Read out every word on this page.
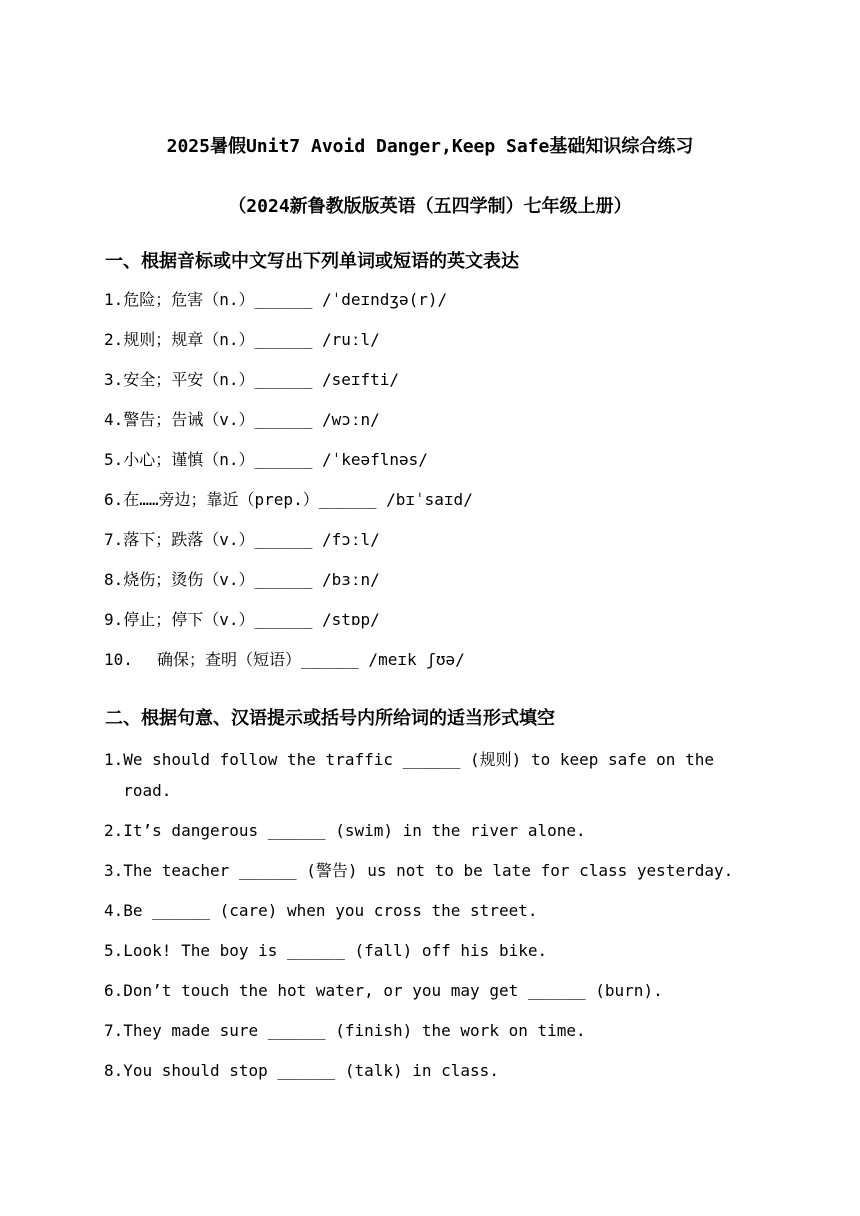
2025暑假Unit7 Avoid Danger,Keep Safe基础知识综合练习
（2024新鲁教版版英语（五四学制）七年级上册）
一、根据音标或中文写出下列单词或短语的英文表达
1.危险；危害（n.）______ /ˈdeɪndʒə(r)/
2.规则；规章（n.）______ /ruːl/
3.安全；平安（n.）______ /seɪfti/
4.警告；告诫（v.）______ /wɔːn/
5.小心；谨慎（n.）______ /ˈkeəflnəs/
6.在……旁边；靠近（prep.）______ /bɪˈsaɪd/
7.落下；跌落（v.）______ /fɔːl/
8.烧伤；烫伤（v.）______ /bɜːn/
9.停止；停下（v.）______ /stɒp/
10. 确保；查明（短语）______ /meɪk ʃʊə/
二、根据句意、汉语提示或括号内所给词的适当形式填空
1. We should follow the traffic ______ (规则) to keep safe on the road.
2. It’s dangerous ______ (swim) in the river alone.
3. The teacher ______ (警告) us not to be late for class yesterday.
4. Be ______ (care) when you cross the street.
5. Look! The boy is ______ (fall) off his bike.
6. Don’t touch the hot water, or you may get ______ (burn).
7. They made sure ______ (finish) the work on time.
8. You should stop ______ (talk) in class.
